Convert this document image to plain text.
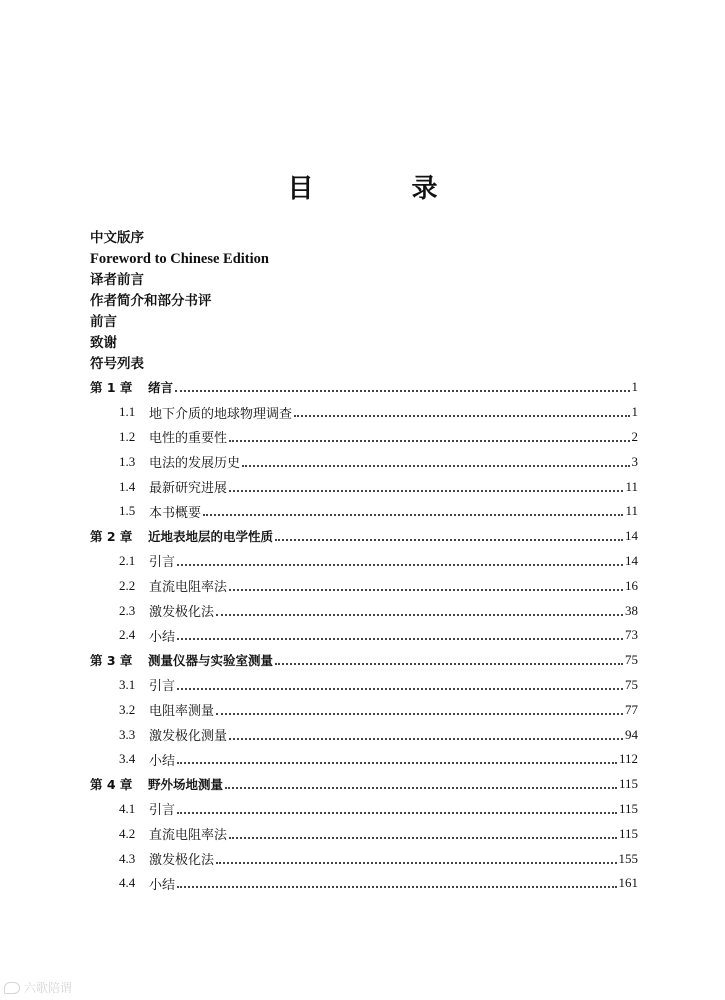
目　录
中文版序
Foreword to Chinese Edition
译者前言
作者简介和部分书评
前言
致谢
符号列表
第 1 章	绪言	1
1.1	地下介质的地球物理调查	1
1.2	电性的重要性	2
1.3	电法的发展历史	3
1.4	最新研究进展	11
1.5	本书概要	11
第 2 章	近地表地层的电学性质	14
2.1	引言	14
2.2	直流电阻率法	16
2.3	激发极化法	38
2.4	小结	73
第 3 章	测量仪器与实验室测量	75
3.1	引言	75
3.2	电阻率测量	77
3.3	激发极化测量	94
3.4	小结	112
第 4 章	野外场地测量	115
4.1	引言	115
4.2	直流电阻率法	115
4.3	激发极化法	155
4.4	小结	161
六歌陪谓
